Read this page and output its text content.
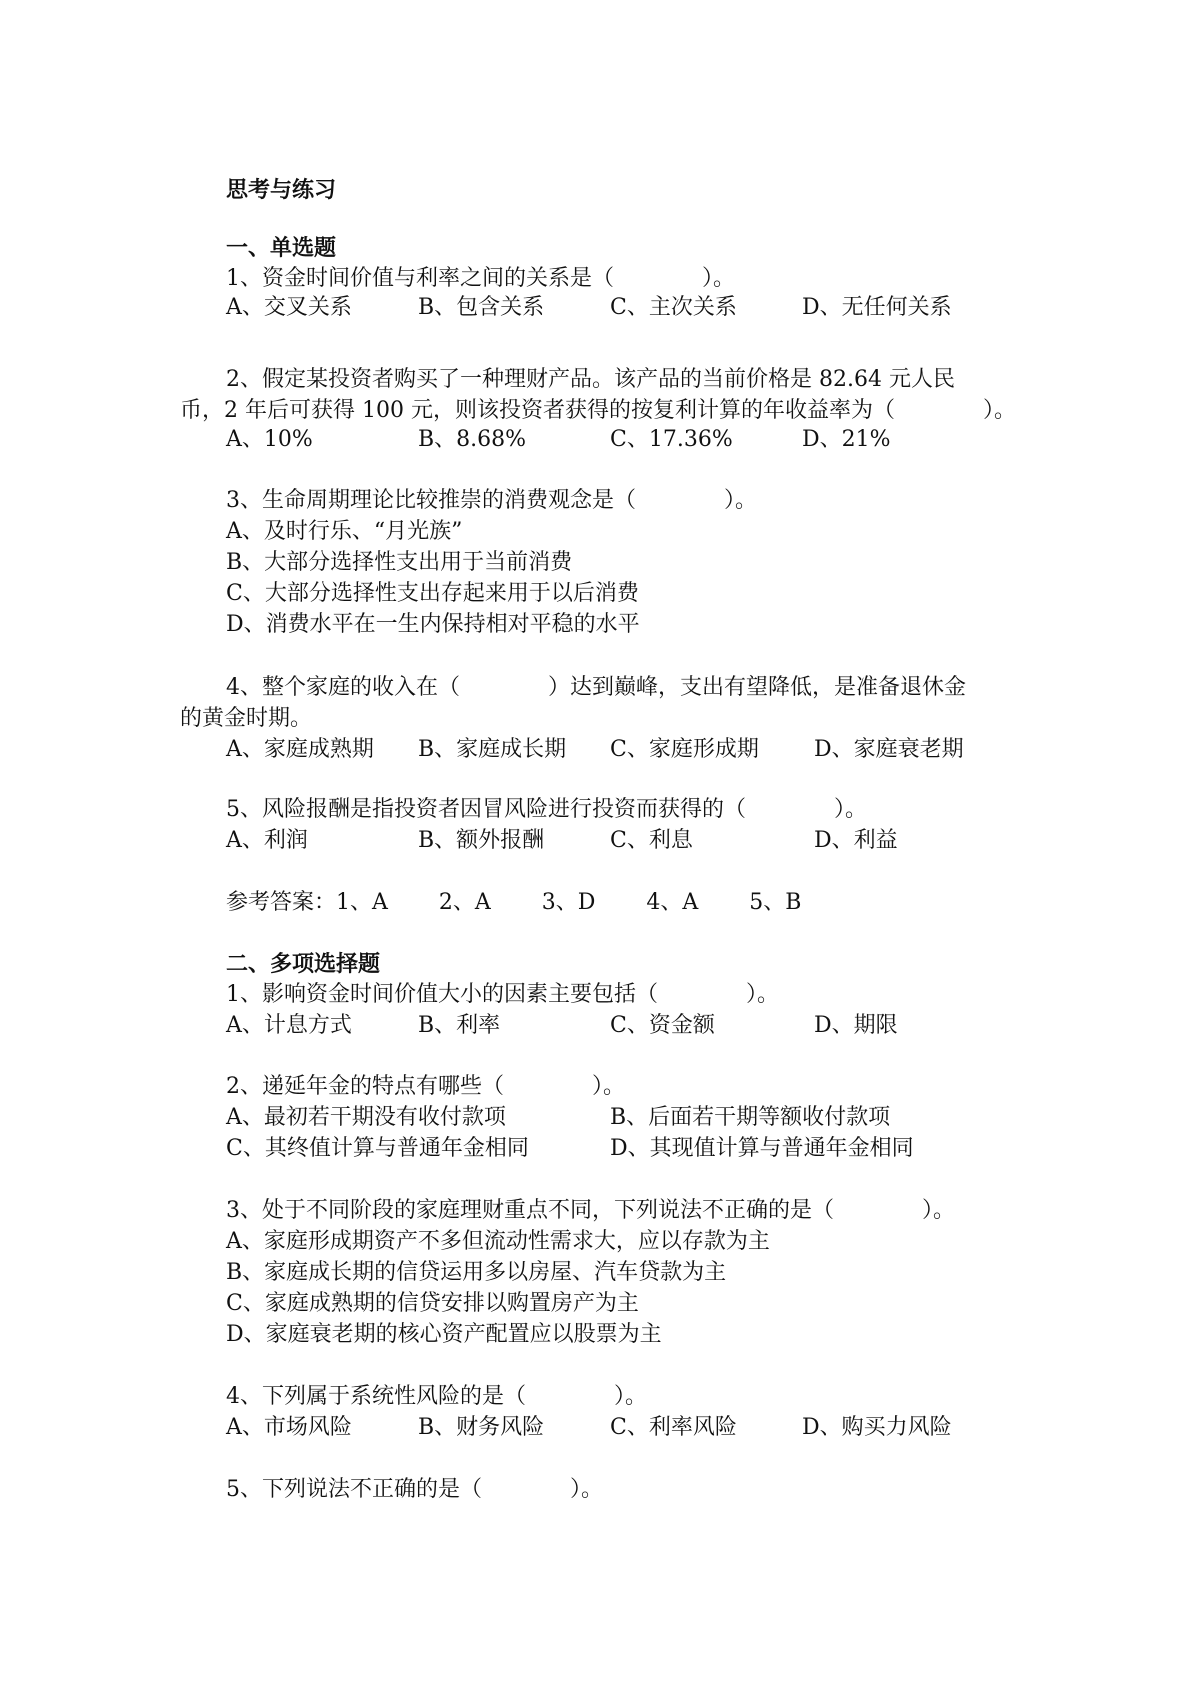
思考与练习
一、单选题
1、资金时间价值与利率之间的关系是（　　　　）。
A、交叉关系	B、包含关系	C、主次关系	D、无任何关系
2、假定某投资者购买了一种理财产品。该产品的当前价格是 82.64 元人民
币，2 年后可获得 100 元，则该投资者获得的按复利计算的年收益率为（　　　　）。
A、10%	B、8.68%	C、17.36%	D、21%
3、生命周期理论比较推崇的消费观念是（　　　　）。
A、及时行乐、“月光族”
B、大部分选择性支出用于当前消费
C、大部分选择性支出存起来用于以后消费
D、消费水平在一生内保持相对平稳的水平
4、整个家庭的收入在（　　　　）达到巅峰，支出有望降低，是准备退休金
的黄金时期。
A、家庭成熟期 B、家庭成长期 C、家庭形成期	D、家庭衰老期
5、风险报酬是指投资者因冒风险进行投资而获得的（　　　　）。
A、利润	B、额外报酬	C、利息	D、利益
参考答案：1、A　　 2、A　　 3、D　　 4、A　　 5、B
二、多项选择题
1、影响资金时间价值大小的因素主要包括（　　　　）。
A、计息方式	B、利率	C、资金额	D、期限
2、递延年金的特点有哪些（　　　　）。
A、最初若干期没有收付款项	B、后面若干期等额收付款项
C、其终值计算与普通年金相同	D、其现值计算与普通年金相同
3、处于不同阶段的家庭理财重点不同，下列说法不正确的是（　　　　）。
A、家庭形成期资产不多但流动性需求大，应以存款为主
B、家庭成长期的信贷运用多以房屋、汽车贷款为主
C、家庭成熟期的信贷安排以购置房产为主
D、家庭衰老期的核心资产配置应以股票为主
4、下列属于系统性风险的是（　　　　）。
A、市场风险	B、财务风险	C、利率风险	D、购买力风险
5、下列说法不正确的是（　　　　）。
